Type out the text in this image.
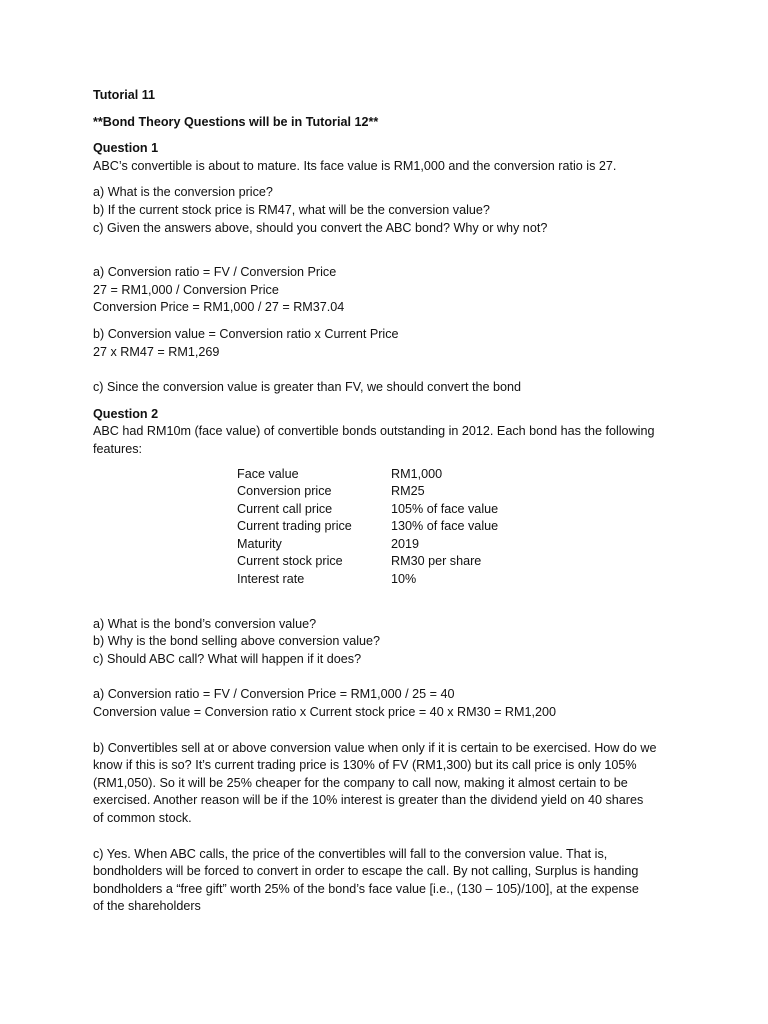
Tutorial 11

**Bond Theory Questions will be in Tutorial 12**

Question 1

ABC’s convertible is about to mature. Its face value is RM1,000 and the conversion ratio is 27.

a) What is the conversion price?

b) If the current stock price is RM47, what will be the conversion value?

c) Given the answers above, should you convert the ABC bond? Why or why not?

a) Conversion ratio = FV / Conversion Price

27 = RM1,000 / Conversion Price

Conversion Price = RM1,000 / 27 = RM37.04

b) Conversion value = Conversion ratio x Current Price

27 x RM47 = RM1,269

c) Since the conversion value is greater than FV, we should convert the bond

Question 2

ABC had RM10m (face value) of convertible bonds outstanding in 2012. Each bond has the following

features:

Face value	RM1,000
Conversion price	RM25
Current call price	105% of face value
Current trading price	130% of face value
Maturity	2019
Current stock price	RM30 per share
Interest rate	10%

a) What is the bond’s conversion value?

b) Why is the bond selling above conversion value?

c) Should ABC call? What will happen if it does?

a) Conversion ratio = FV / Conversion Price = RM1,000 / 25 = 40

Conversion value = Conversion ratio x Current stock price = 40 x RM30 = RM1,200

b) Convertibles sell at or above conversion value when only if it is certain to be exercised. How do we

know if this is so? It’s current trading price is 130% of FV (RM1,300) but its call price is only 105%

(RM1,050). So it will be 25% cheaper for the company to call now, making it almost certain to be

exercised. Another reason will be if the 10% interest is greater than the dividend yield on 40 shares

of common stock.

c) Yes. When ABC calls, the price of the convertibles will fall to the conversion value. That is,

bondholders will be forced to convert in order to escape the call. By not calling, Surplus is handing

bondholders a “free gift” worth 25% of the bond’s face value [i.e., (130 – 105)/100], at the expense

of the shareholders
